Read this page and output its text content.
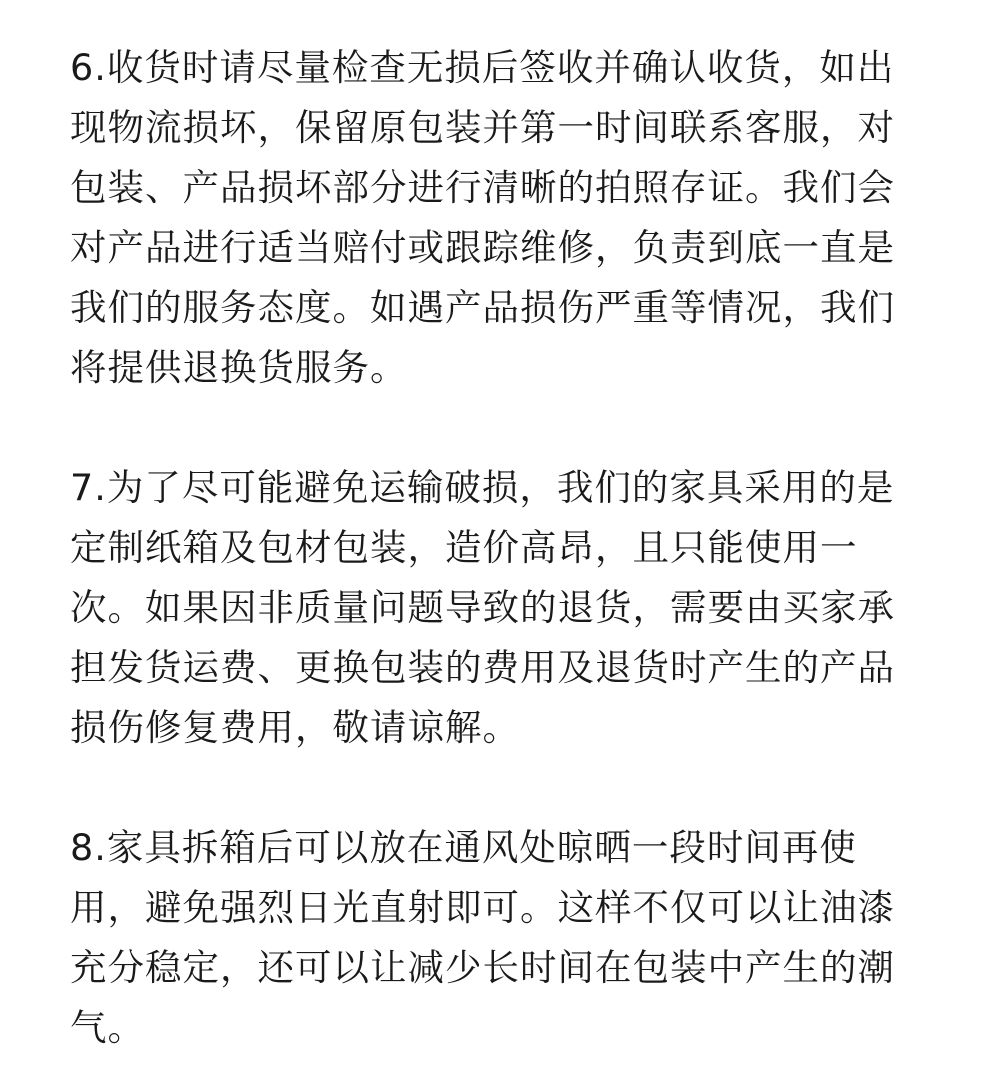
6.收货时请尽量检查无损后签收并确认收货，如出现物流损坏，保留原包装并第一时间联系客服，对包装、产品损坏部分进行清晰的拍照存证。我们会对产品进行适当赔付或跟踪维修，负责到底一直是我们的服务态度。如遇产品损伤严重等情况，我们将提供退换货服务。

7.为了尽可能避免运输破损，我们的家具采用的是定制纸箱及包材包装，造价高昂，且只能使用一次。如果因非质量问题导致的退货，需要由买家承担发货运费、更换包装的费用及退货时产生的产品损伤修复费用，敬请谅解。

8.家具拆箱后可以放在通风处晾晒一段时间再使用，避免强烈日光直射即可。这样不仅可以让油漆充分稳定，还可以让减少长时间在包装中产生的潮气。
